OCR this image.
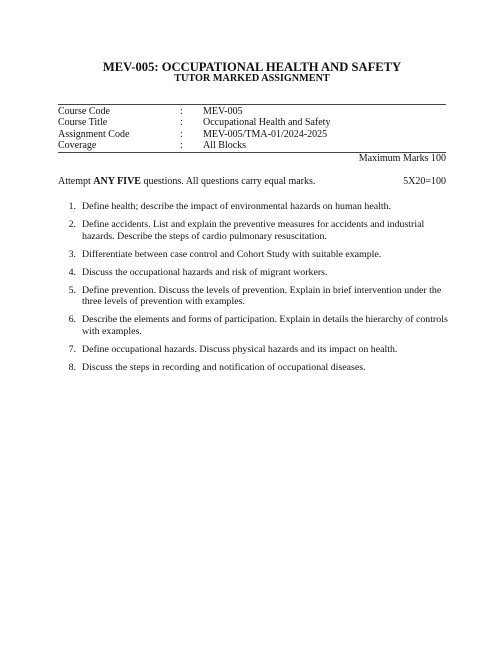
MEV-005: OCCUPATIONAL HEALTH AND SAFETY
TUTOR MARKED ASSIGNMENT
Course Code	:	MEV-005
Course Title	:	Occupational Health and Safety
Assignment Code	:	MEV-005/TMA-01/2024-2025
Coverage	:	All Blocks
Maximum Marks 100
Attempt ANY FIVE questions. All questions carry equal marks.	5X20=100
1. Define health; describe the impact of environmental hazards on human health.
2. Define accidents. List and explain the preventive measures for accidents and industrial hazards. Describe the steps of cardio pulmonary resuscitation.
3. Differentiate between case control and Cohort Study with suitable example.
4. Discuss the occupational hazards and risk of migrant workers.
5. Define prevention. Discuss the levels of prevention. Explain in brief intervention under the three levels of prevention with examples.
6. Describe the elements and forms of participation. Explain in details the hierarchy of controls with examples.
7. Define occupational hazards. Discuss physical hazards and its impact on health.
8. Discuss the steps in recording and notification of occupational diseases.
